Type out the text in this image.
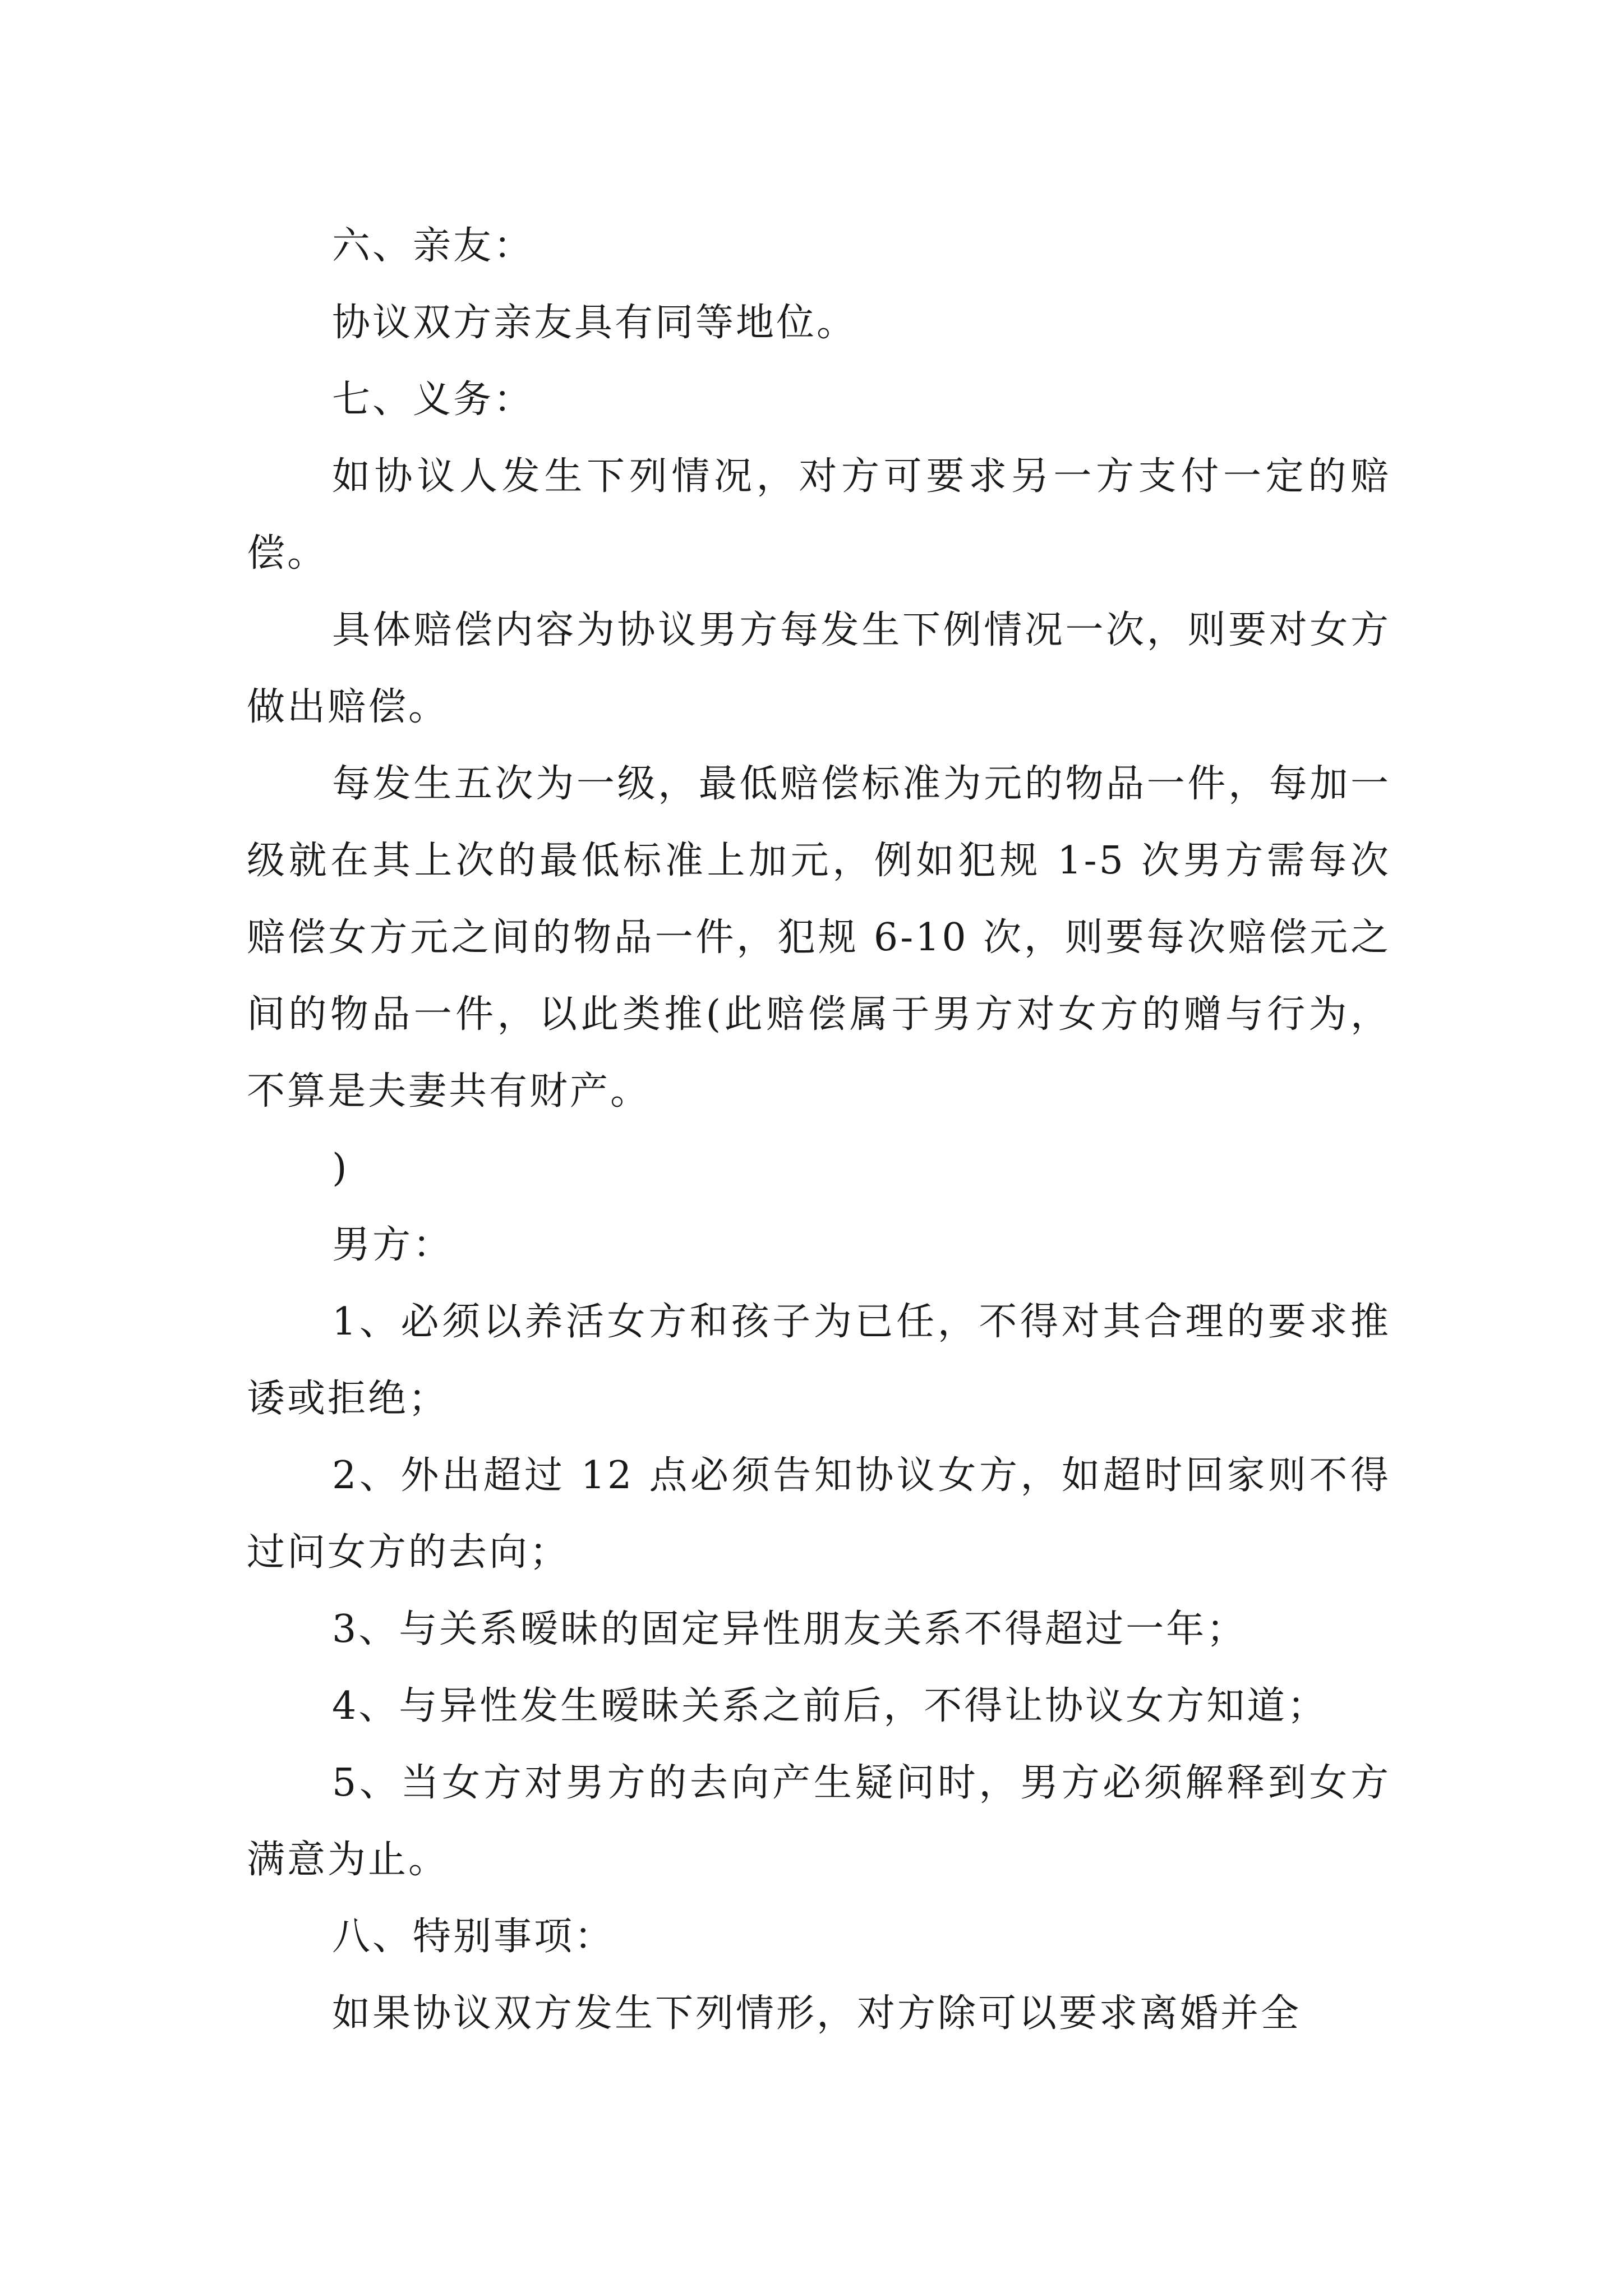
六、亲友：

协议双方亲友具有同等地位。

七、义务：

如协议人发生下列情况，对方可要求另一方支付一定的赔偿。

具体赔偿内容为协议男方每发生下例情况一次，则要对女方做出赔偿。

每发生五次为一级，最低赔偿标准为元的物品一件，每加一级就在其上次的最低标准上加元，例如犯规 1-5 次男方需每次赔偿女方元之间的物品一件，犯规 6-10 次，则要每次赔偿元之间的物品一件，以此类推(此赔偿属于男方对女方的赠与行为，不算是夫妻共有财产。

)

男方：

1、必须以养活女方和孩子为已任，不得对其合理的要求推诿或拒绝；

2、外出超过 12 点必须告知协议女方，如超时回家则不得过问女方的去向；

3、与关系暧昧的固定异性朋友关系不得超过一年；

4、与异性发生暧昧关系之前后，不得让协议女方知道；

5、当女方对男方的去向产生疑问时，男方必须解释到女方满意为止。

八、特别事项：

如果协议双方发生下列情形，对方除可以要求离婚并全
